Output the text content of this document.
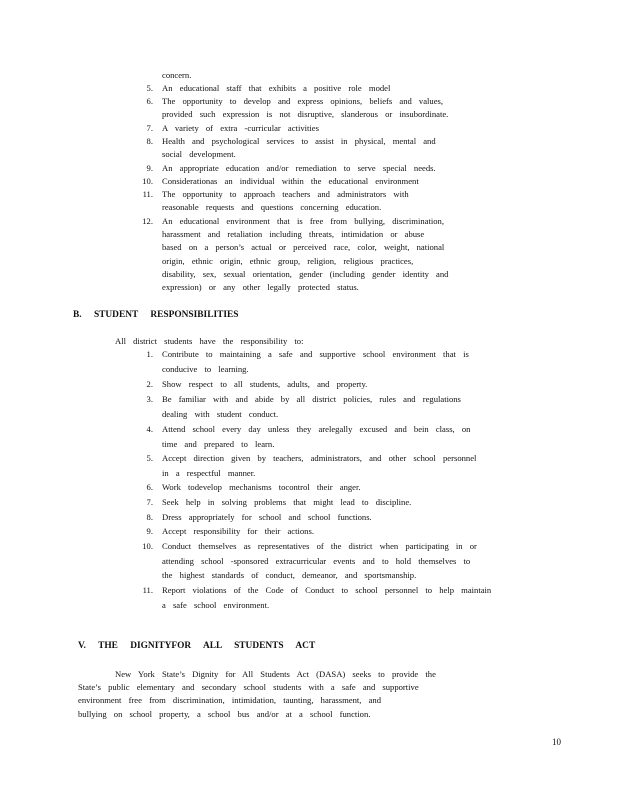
concern.
5. An educational staff that exhibits a positive role model
6. The opportunity to develop and express opinions, beliefs and values,
provided such expression is not disruptive, slanderous or insubordinate.
7. A variety of extra -curricular activities
8. Health and psychological services to assist in physical, mental and
social development.
9. An appropriate education and/or remediation to serve special needs.
10. Considerationas an individual within the educational environment
11. The opportunity to approach teachers and administrators with
reasonable requests and questions concerning education.
12. An educational environment that is free from bullying, discrimination,
harassment and retaliation including threats, intimidation or abuse
based on a person’s actual or perceived race, color, weight, national
origin, ethnic origin, ethnic group, religion, religious practices,
disability, sex, sexual orientation, gender (including gender identity and
expression) or any other legally protected status.
B. STUDENT RESPONSIBILITIES
All district students have the responsibility to:
1. Contribute to maintaining a safe and supportive school environment that is
conducive to learning.
2. Show respect to all students, adults, and property.
3. Be familiar with and abide by all district policies, rules and regulations
dealing with student conduct.
4. Attend school every day unless they arelegally excused and bein class, on
time and prepared to learn.
5. Accept direction given by teachers, administrators, and other school personnel
in a respectful manner.
6. Work todevelop mechanisms tocontrol their anger.
7. Seek help in solving problems that might lead to discipline.
8. Dress appropriately for school and school functions.
9. Accept responsibility for their actions.
10. Conduct themselves as representatives of the district when participating in or
attending school -sponsored extracurricular events and to hold themselves to
the highest standards of conduct, demeanor, and sportsmanship.
11. Report violations of the Code of Conduct to school personnel to help maintain
a safe school environment.
V. THE DIGNITYFOR ALL STUDENTS ACT
New York State’s Dignity for All Students Act (DASA) seeks to provide the
State’s public elementary and secondary school students with a safe and supportive
environment free from discrimination, intimidation, taunting, harassment, and
bullying on school property, a school bus and/or at a school function.
10
